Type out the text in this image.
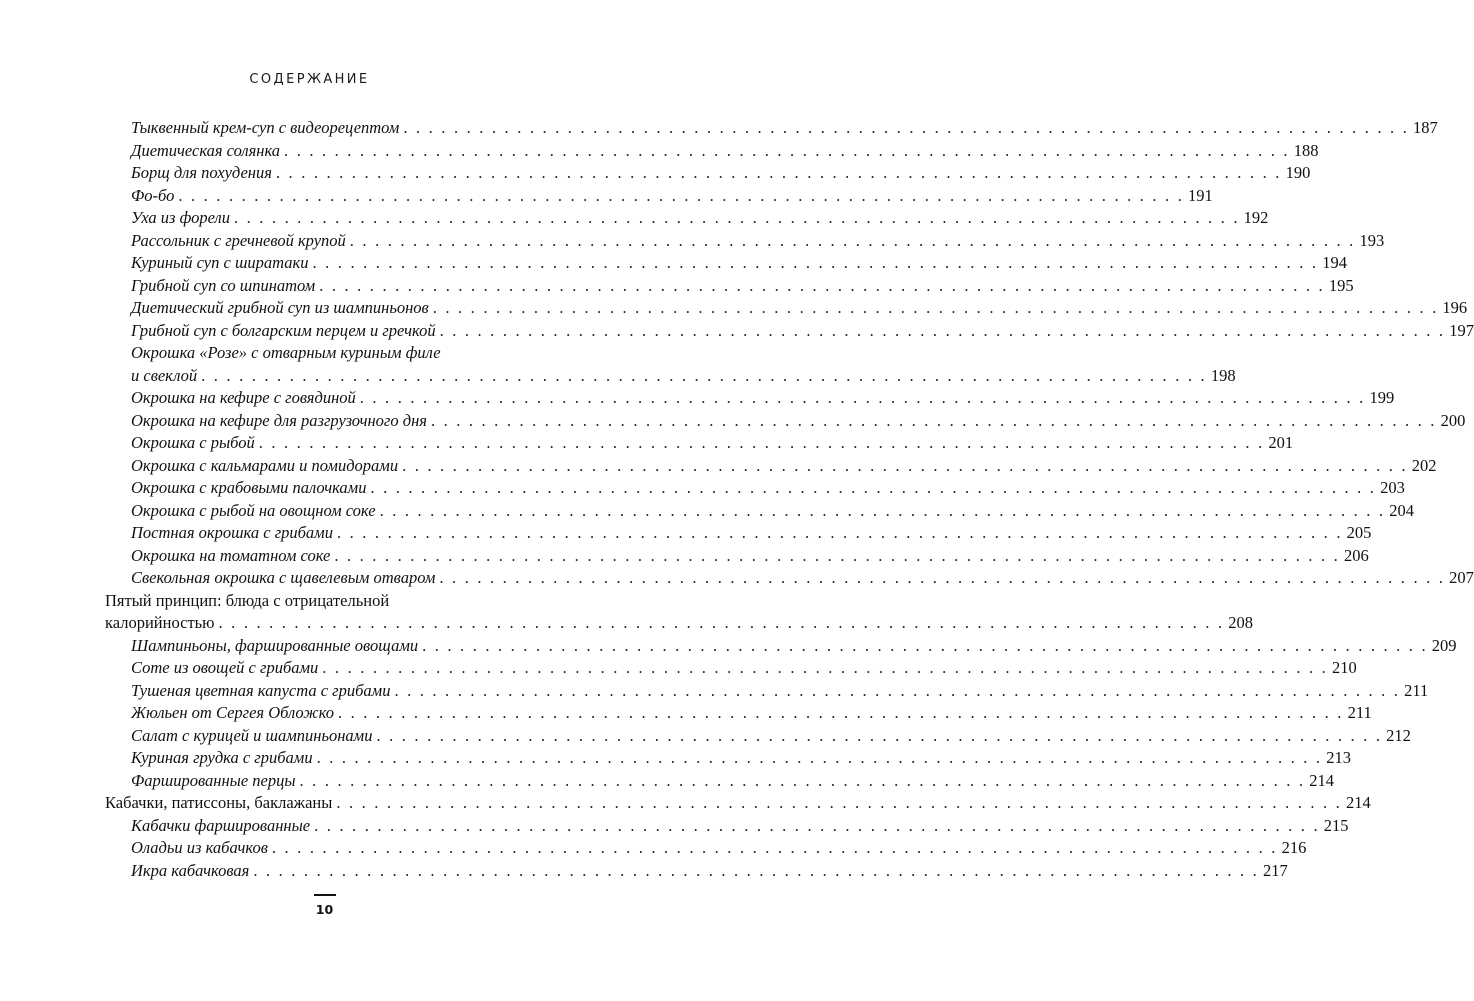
СОДЕРЖАНИЕ
Тыквенный крем-суп с видеорецептом . . . . . . . . . . . . . . . . . . . . . . . . . . . . . . . . . . . . . . . . . . . . . . . . . . . . . . . . . . . . . . . . . . . . . . . . . . . . . . . . 187
Диетическая солянка . . . . . . . . . . . . . . . . . . . . . . . . . . . . . . . . . . . . . . . . . . . . . . . . . . . . . . . . . . . . . . . . . . . . . . . . . . . . . . . . 188
Борщ для похудения . . . . . . . . . . . . . . . . . . . . . . . . . . . . . . . . . . . . . . . . . . . . . . . . . . . . . . . . . . . . . . . . . . . . . . . . . . . . . . . . 190
Фо-бо . . . . . . . . . . . . . . . . . . . . . . . . . . . . . . . . . . . . . . . . . . . . . . . . . . . . . . . . . . . . . . . . . . . . . . . . . . . . . . . . 191
Уха из форели . . . . . . . . . . . . . . . . . . . . . . . . . . . . . . . . . . . . . . . . . . . . . . . . . . . . . . . . . . . . . . . . . . . . . . . . . . . . . . . . 192
Рассольник с гречневой крупой . . . . . . . . . . . . . . . . . . . . . . . . . . . . . . . . . . . . . . . . . . . . . . . . . . . . . . . . . . . . . . . . . . . . . . . . . . . . . . . . 193
Куриный суп с ширатаки . . . . . . . . . . . . . . . . . . . . . . . . . . . . . . . . . . . . . . . . . . . . . . . . . . . . . . . . . . . . . . . . . . . . . . . . . . . . . . . . 194
Грибной суп со шпинатом . . . . . . . . . . . . . . . . . . . . . . . . . . . . . . . . . . . . . . . . . . . . . . . . . . . . . . . . . . . . . . . . . . . . . . . . . . . . . . . . 195
Диетический грибной суп из шампиньонов . . . . . . . . . . . . . . . . . . . . . . . . . . . . . . . . . . . . . . . . . . . . . . . . . . . . . . . . . . . . . . . . . . . . . . . . . . . . . . . . 196
Грибной суп с болгарским перцем и гречкой . . . . . . . . . . . . . . . . . . . . . . . . . . . . . . . . . . . . . . . . . . . . . . . . . . . . . . . . . . . . . . . . . . . . . . . . . . . . . . . . 197
Окрошка «Розе» с отварным куриным филе
и свеклой . . . . . . . . . . . . . . . . . . . . . . . . . . . . . . . . . . . . . . . . . . . . . . . . . . . . . . . . . . . . . . . . . . . . . . . . . . . . . . . . 198
Окрошка на кефире с говядиной . . . . . . . . . . . . . . . . . . . . . . . . . . . . . . . . . . . . . . . . . . . . . . . . . . . . . . . . . . . . . . . . . . . . . . . . . . . . . . . . 199
Окрошка на кефире для разгрузочного дня . . . . . . . . . . . . . . . . . . . . . . . . . . . . . . . . . . . . . . . . . . . . . . . . . . . . . . . . . . . . . . . . . . . . . . . . . . . . . . . . 200
Окрошка с рыбой . . . . . . . . . . . . . . . . . . . . . . . . . . . . . . . . . . . . . . . . . . . . . . . . . . . . . . . . . . . . . . . . . . . . . . . . . . . . . . . . 201
Окрошка с кальмарами и помидорами . . . . . . . . . . . . . . . . . . . . . . . . . . . . . . . . . . . . . . . . . . . . . . . . . . . . . . . . . . . . . . . . . . . . . . . . . . . . . . . . 202
Окрошка с крабовыми палочками . . . . . . . . . . . . . . . . . . . . . . . . . . . . . . . . . . . . . . . . . . . . . . . . . . . . . . . . . . . . . . . . . . . . . . . . . . . . . . . . 203
Окрошка с рыбой на овощном соке . . . . . . . . . . . . . . . . . . . . . . . . . . . . . . . . . . . . . . . . . . . . . . . . . . . . . . . . . . . . . . . . . . . . . . . . . . . . . . . . 204
Постная окрошка с грибами . . . . . . . . . . . . . . . . . . . . . . . . . . . . . . . . . . . . . . . . . . . . . . . . . . . . . . . . . . . . . . . . . . . . . . . . . . . . . . . . 205
Окрошка на томатном соке . . . . . . . . . . . . . . . . . . . . . . . . . . . . . . . . . . . . . . . . . . . . . . . . . . . . . . . . . . . . . . . . . . . . . . . . . . . . . . . . 206
Свекольная окрошка с щавелевым отваром . . . . . . . . . . . . . . . . . . . . . . . . . . . . . . . . . . . . . . . . . . . . . . . . . . . . . . . . . . . . . . . . . . . . . . . . . . . . . . . . 207
Пятый принцип: блюда с отрицательной
калорийностью . . . . . . . . . . . . . . . . . . . . . . . . . . . . . . . . . . . . . . . . . . . . . . . . . . . . . . . . . . . . . . . . . . . . . . . . . . . . . . . . 208
Шампиньоны, фаршированные овощами . . . . . . . . . . . . . . . . . . . . . . . . . . . . . . . . . . . . . . . . . . . . . . . . . . . . . . . . . . . . . . . . . . . . . . . . . . . . . . . . 209
Соте из овощей с грибами . . . . . . . . . . . . . . . . . . . . . . . . . . . . . . . . . . . . . . . . . . . . . . . . . . . . . . . . . . . . . . . . . . . . . . . . . . . . . . . . 210
Тушеная цветная капуста с грибами . . . . . . . . . . . . . . . . . . . . . . . . . . . . . . . . . . . . . . . . . . . . . . . . . . . . . . . . . . . . . . . . . . . . . . . . . . . . . . . . 211
Жюльен от Сергея Обложко . . . . . . . . . . . . . . . . . . . . . . . . . . . . . . . . . . . . . . . . . . . . . . . . . . . . . . . . . . . . . . . . . . . . . . . . . . . . . . . . 211
Салат с курицей и шампиньонами . . . . . . . . . . . . . . . . . . . . . . . . . . . . . . . . . . . . . . . . . . . . . . . . . . . . . . . . . . . . . . . . . . . . . . . . . . . . . . . . 212
Куриная грудка с грибами . . . . . . . . . . . . . . . . . . . . . . . . . . . . . . . . . . . . . . . . . . . . . . . . . . . . . . . . . . . . . . . . . . . . . . . . . . . . . . . . 213
Фаршированные перцы . . . . . . . . . . . . . . . . . . . . . . . . . . . . . . . . . . . . . . . . . . . . . . . . . . . . . . . . . . . . . . . . . . . . . . . . . . . . . . . . 214
Кабачки, патиссоны, баклажаны . . . . . . . . . . . . . . . . . . . . . . . . . . . . . . . . . . . . . . . . . . . . . . . . . . . . . . . . . . . . . . . . . . . . . . . . . . . . . . . . 214
Кабачки фаршированные . . . . . . . . . . . . . . . . . . . . . . . . . . . . . . . . . . . . . . . . . . . . . . . . . . . . . . . . . . . . . . . . . . . . . . . . . . . . . . . . 215
Оладьи из кабачков . . . . . . . . . . . . . . . . . . . . . . . . . . . . . . . . . . . . . . . . . . . . . . . . . . . . . . . . . . . . . . . . . . . . . . . . . . . . . . . . 216
Икра кабачковая . . . . . . . . . . . . . . . . . . . . . . . . . . . . . . . . . . . . . . . . . . . . . . . . . . . . . . . . . . . . . . . . . . . . . . . . . . . . . . . . 217
10
